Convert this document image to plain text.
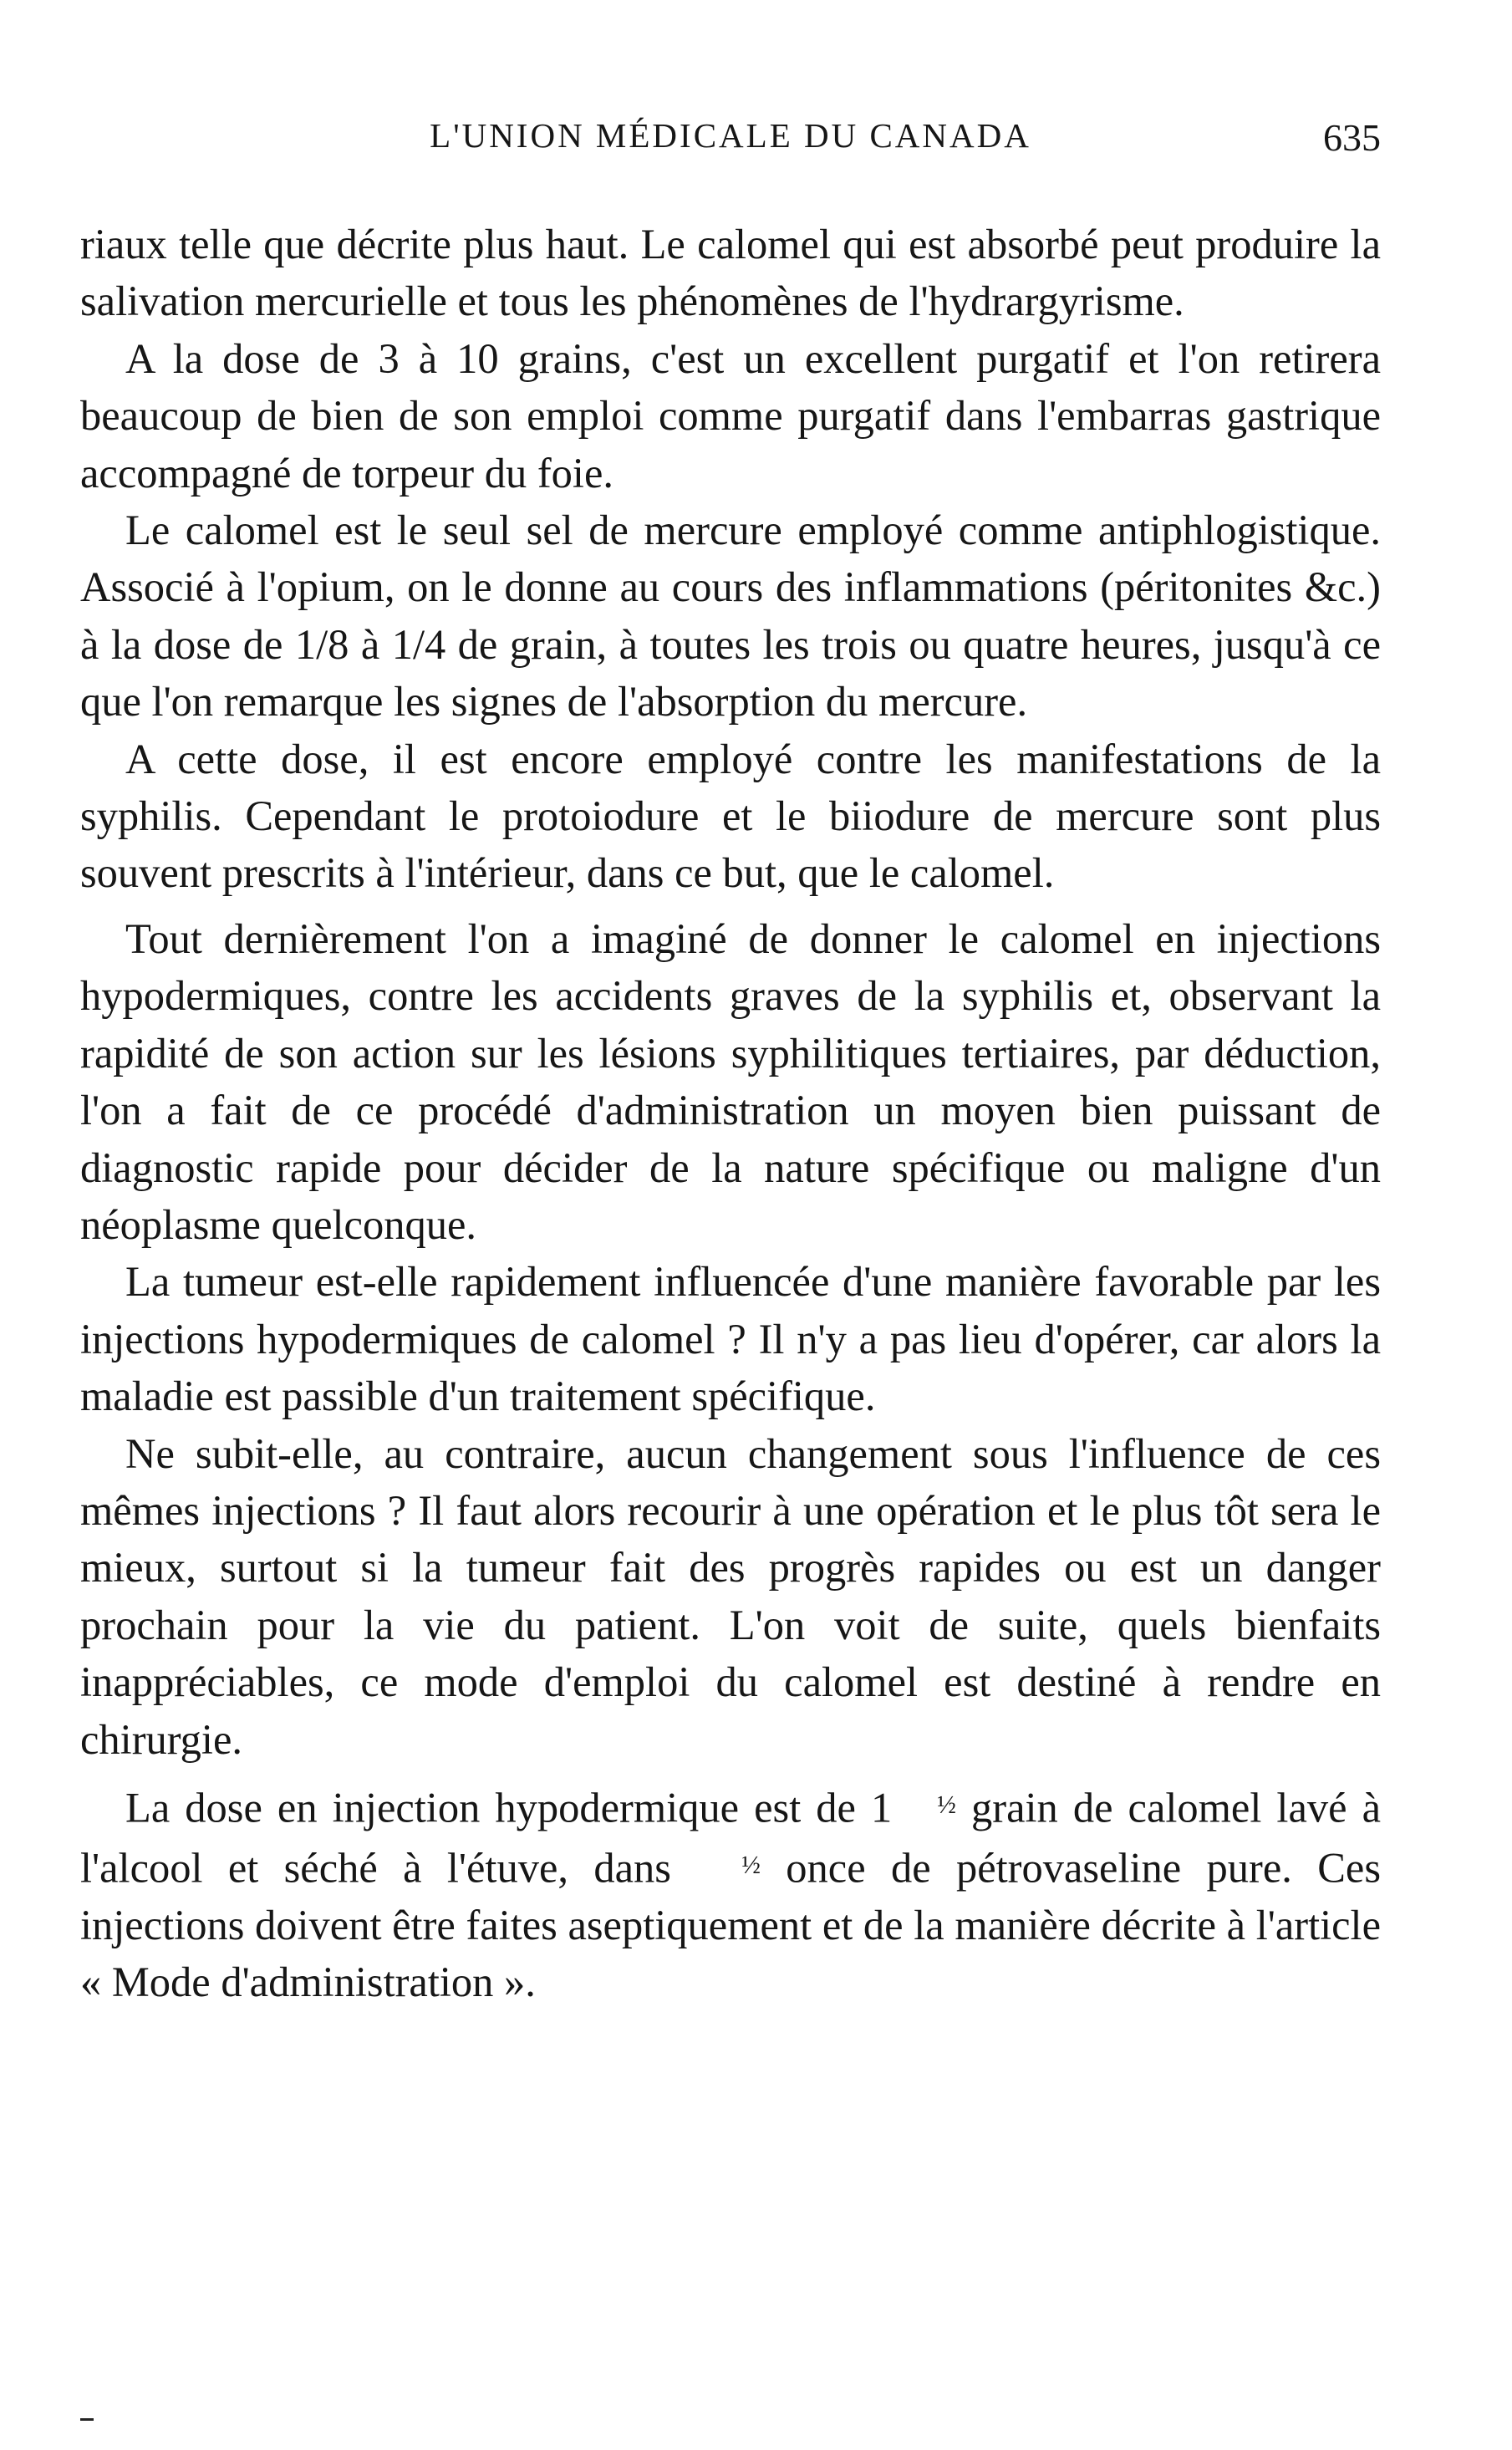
L'UNION MÉDICALE DU CANADA	635

riaux telle que décrite plus haut. Le calomel qui est absorbé peut produire la salivation mercurielle et tous les phénomènes de l'hydrargyrisme.

A la dose de 3 à 10 grains, c'est un excellent purgatif et l'on retirera beaucoup de bien de son emploi comme purgatif dans l'embarras gastrique accompagné de torpeur du foie.

Le calomel est le seul sel de mercure employé comme antiphlogistique. Associé à l'opium, on le donne au cours des inflammations (péritonites &c.) à la dose de 1/8 à 1/4 de grain, à toutes les trois ou quatre heures, jusqu'à ce que l'on remarque les signes de l'absorption du mercure.

A cette dose, il est encore employé contre les manifestations de la syphilis. Cependant le protoiodure et le biiodure de mercure sont plus souvent prescrits à l'intérieur, dans ce but, que le calomel.

Tout dernièrement l'on a imaginé de donner le calomel en injections hypodermiques, contre les accidents graves de la syphilis et, observant la rapidité de son action sur les lésions syphilitiques tertiaires, par déduction, l'on a fait de ce procédé d'administration un moyen bien puissant de diagnostic rapide pour décider de la nature spécifique ou maligne d'un néoplasme quelconque.

La tumeur est-elle rapidement influencée d'une manière favorable par les injections hypodermiques de calomel ? Il n'y a pas lieu d'opérer, car alors la maladie est passible d'un traitement spécifique.

Ne subit-elle, au contraire, aucun changement sous l'influence de ces mêmes injections ? Il faut alors recourir à une opération et le plus tôt sera le mieux, surtout si la tumeur fait des progrès rapides ou est un danger prochain pour la vie du patient. L'on voit de suite, quels bienfaits inappréciables, ce mode d'emploi du calomel est destiné à rendre en chirurgie.

La dose en injection hypodermique est de 1 ½ grain de calomel lavé à l'alcool et séché à l'étuve, dans ½ once de pétrovaseline pure. Ces injections doivent être faites aseptiquement et de la manière décrite à l'article « Mode d'administration ».
